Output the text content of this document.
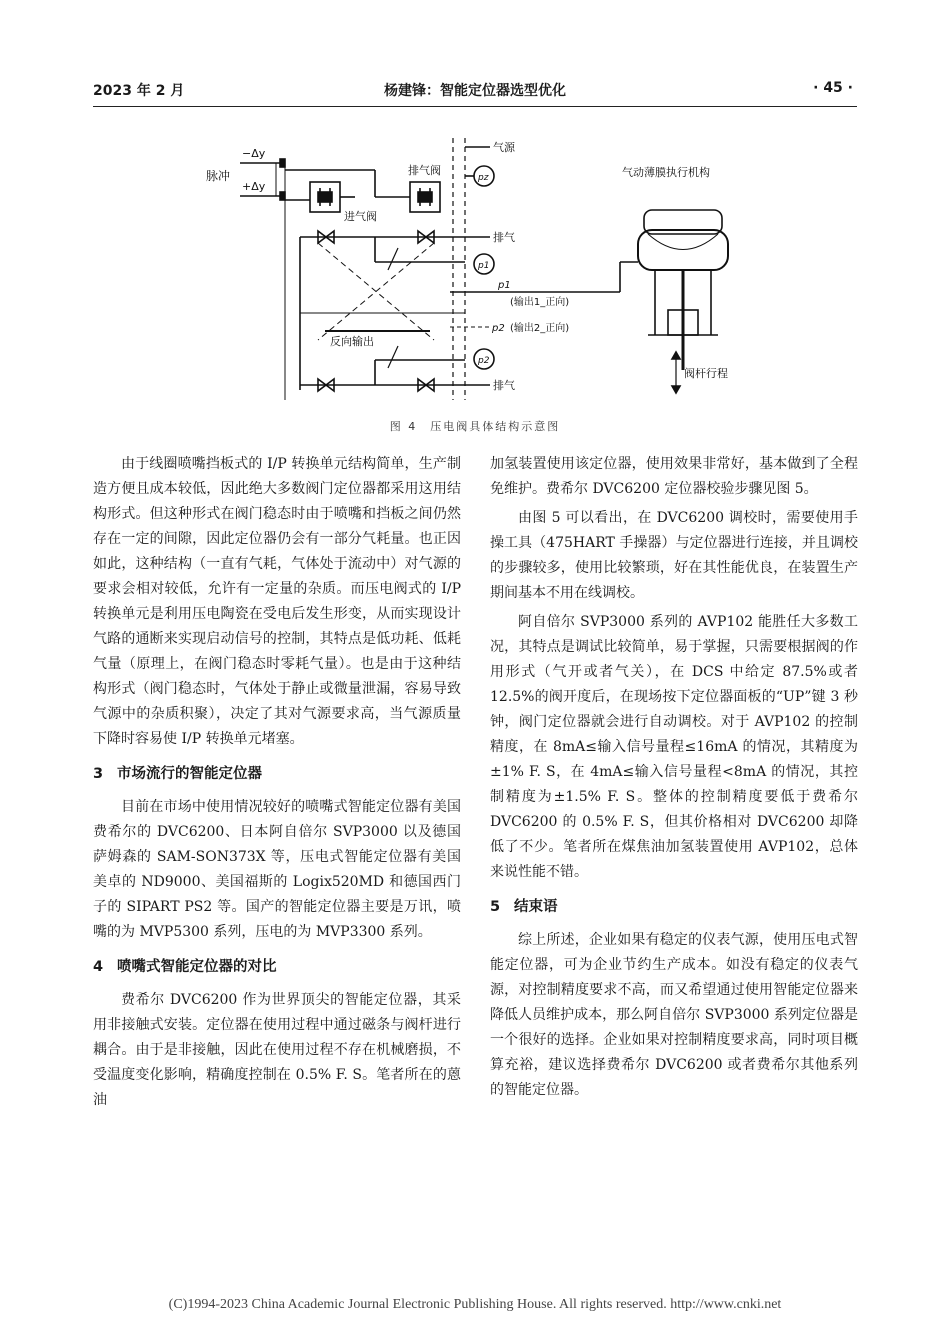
2023 年 2 月	杨建锋：智能定位器选型优化	· 45 ·
−Δy
+Δy
脉冲
气源
pz
排气阀
进气阀
排气
p1
p1
(输出1_正向)
p2 (输出2_正向)
反向输出
p2
排气
气动薄膜执行机构
阀杆行程
图 4　压电阀具体结构示意图

由于线圈喷嘴挡板式的 I/P 转换单元结构简单，生产制造方便且成本较低，因此绝大多数阀门定位器都采用这用结构形式。但这种形式在阀门稳态时由于喷嘴和挡板之间仍然存在一定的间隙，因此定位器仍会有一部分气耗量。也正因如此，这种结构（一直有气耗，气体处于流动中）对气源的要求会相对较低，允许有一定量的杂质。而压电阀式的 I/P 转换单元是利用压电陶瓷在受电后发生形变，从而实现设计气路的通断来实现启动信号的控制，其特点是低功耗、低耗气量（原理上，在阀门稳态时零耗气量）。也是由于这种结构形式（阀门稳态时，气体处于静止或微量泄漏，容易导致气源中的杂质积聚），决定了其对气源要求高，当气源质量下降时容易使 I/P 转换单元堵塞。

3 市场流行的智能定位器

目前在市场中使用情况较好的喷嘴式智能定位器有美国费希尔的 DVC6200、日本阿自倍尔 SVP3000 以及德国萨姆森的 SAM-SON373X 等，压电式智能定位器有美国美卓的 ND9000、美国福斯的 Logix520MD 和德国西门子的 SIPART PS2 等。国产的智能定位器主要是万讯，喷嘴的为 MVP5300 系列，压电的为 MVP3300 系列。

4 喷嘴式智能定位器的对比

费希尔 DVC6200 作为世界顶尖的智能定位器，其采用非接触式安装。定位器在使用过程中通过磁条与阀杆进行耦合。由于是非接触，因此在使用过程不存在机械磨损，不受温度变化影响，精确度控制在 0.5% F. S。笔者所在的蒽油

加氢装置使用该定位器，使用效果非常好，基本做到了全程免维护。费希尔 DVC6200 定位器校验步骤见图 5。

由图 5 可以看出，在 DVC6200 调校时，需要使用手操工具（475HART 手操器）与定位器进行连接，并且调校的步骤较多，使用比较繁琐，好在其性能优良，在装置生产期间基本不用在线调校。

阿自倍尔 SVP3000 系列的 AVP102 能胜任大多数工况，其特点是调试比较简单，易于掌握，只需要根据阀的作用形式（气开或者气关），在 DCS 中给定 87.5%或者 12.5%的阀开度后，在现场按下定位器面板的“UP”键 3 秒钟，阀门定位器就会进行自动调校。对于 AVP102 的控制精度，在 8mA≤输入信号量程≤16mA 的情况，其精度为 ±1% F. S，在 4mA≤输入信号量程<8mA 的情况，其控制精度为±1.5% F. S。整体的控制精度要低于费希尔 DVC6200 的 0.5% F. S，但其价格相对 DVC6200 却降低了不少。笔者所在煤焦油加氢装置使用 AVP102，总体来说性能不错。

5 结束语

综上所述，企业如果有稳定的仪表气源，使用压电式智能定位器，可为企业节约生产成本。如没有稳定的仪表气源，对控制精度要求不高，而又希望通过使用智能定位器来降低人员维护成本，那么阿自倍尔 SVP3000 系列定位器是一个很好的选择。企业如果对控制精度要求高，同时项目概算充裕，建议选择费希尔 DVC6200 或者费希尔其他系列的智能定位器。

(C)1994-2023 China Academic Journal Electronic Publishing House. All rights reserved. http://www.cnki.net
